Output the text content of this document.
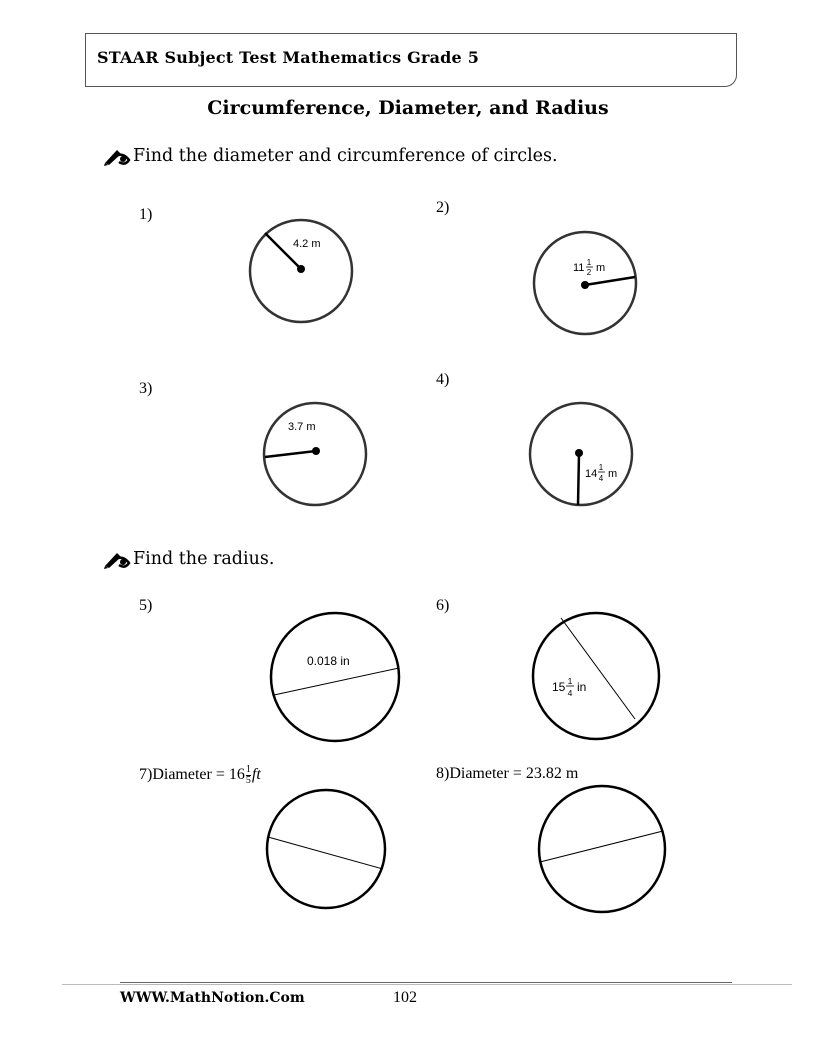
STAAR Subject Test Mathematics Grade 5
Circumference, Diameter, and Radius
Find the diameter and circumference of circles.
1)	2)
3)
4)
4.2 m
11 1
2 m
3.7 m
14
1
4 m
Find the radius.
5)	6)
0.018 in
15 1
4 in
7)Diameter = $16 \frac{1}{5}$ ft	8)Diameter = 23.82 m
WWW.MathNotion.Com	102
